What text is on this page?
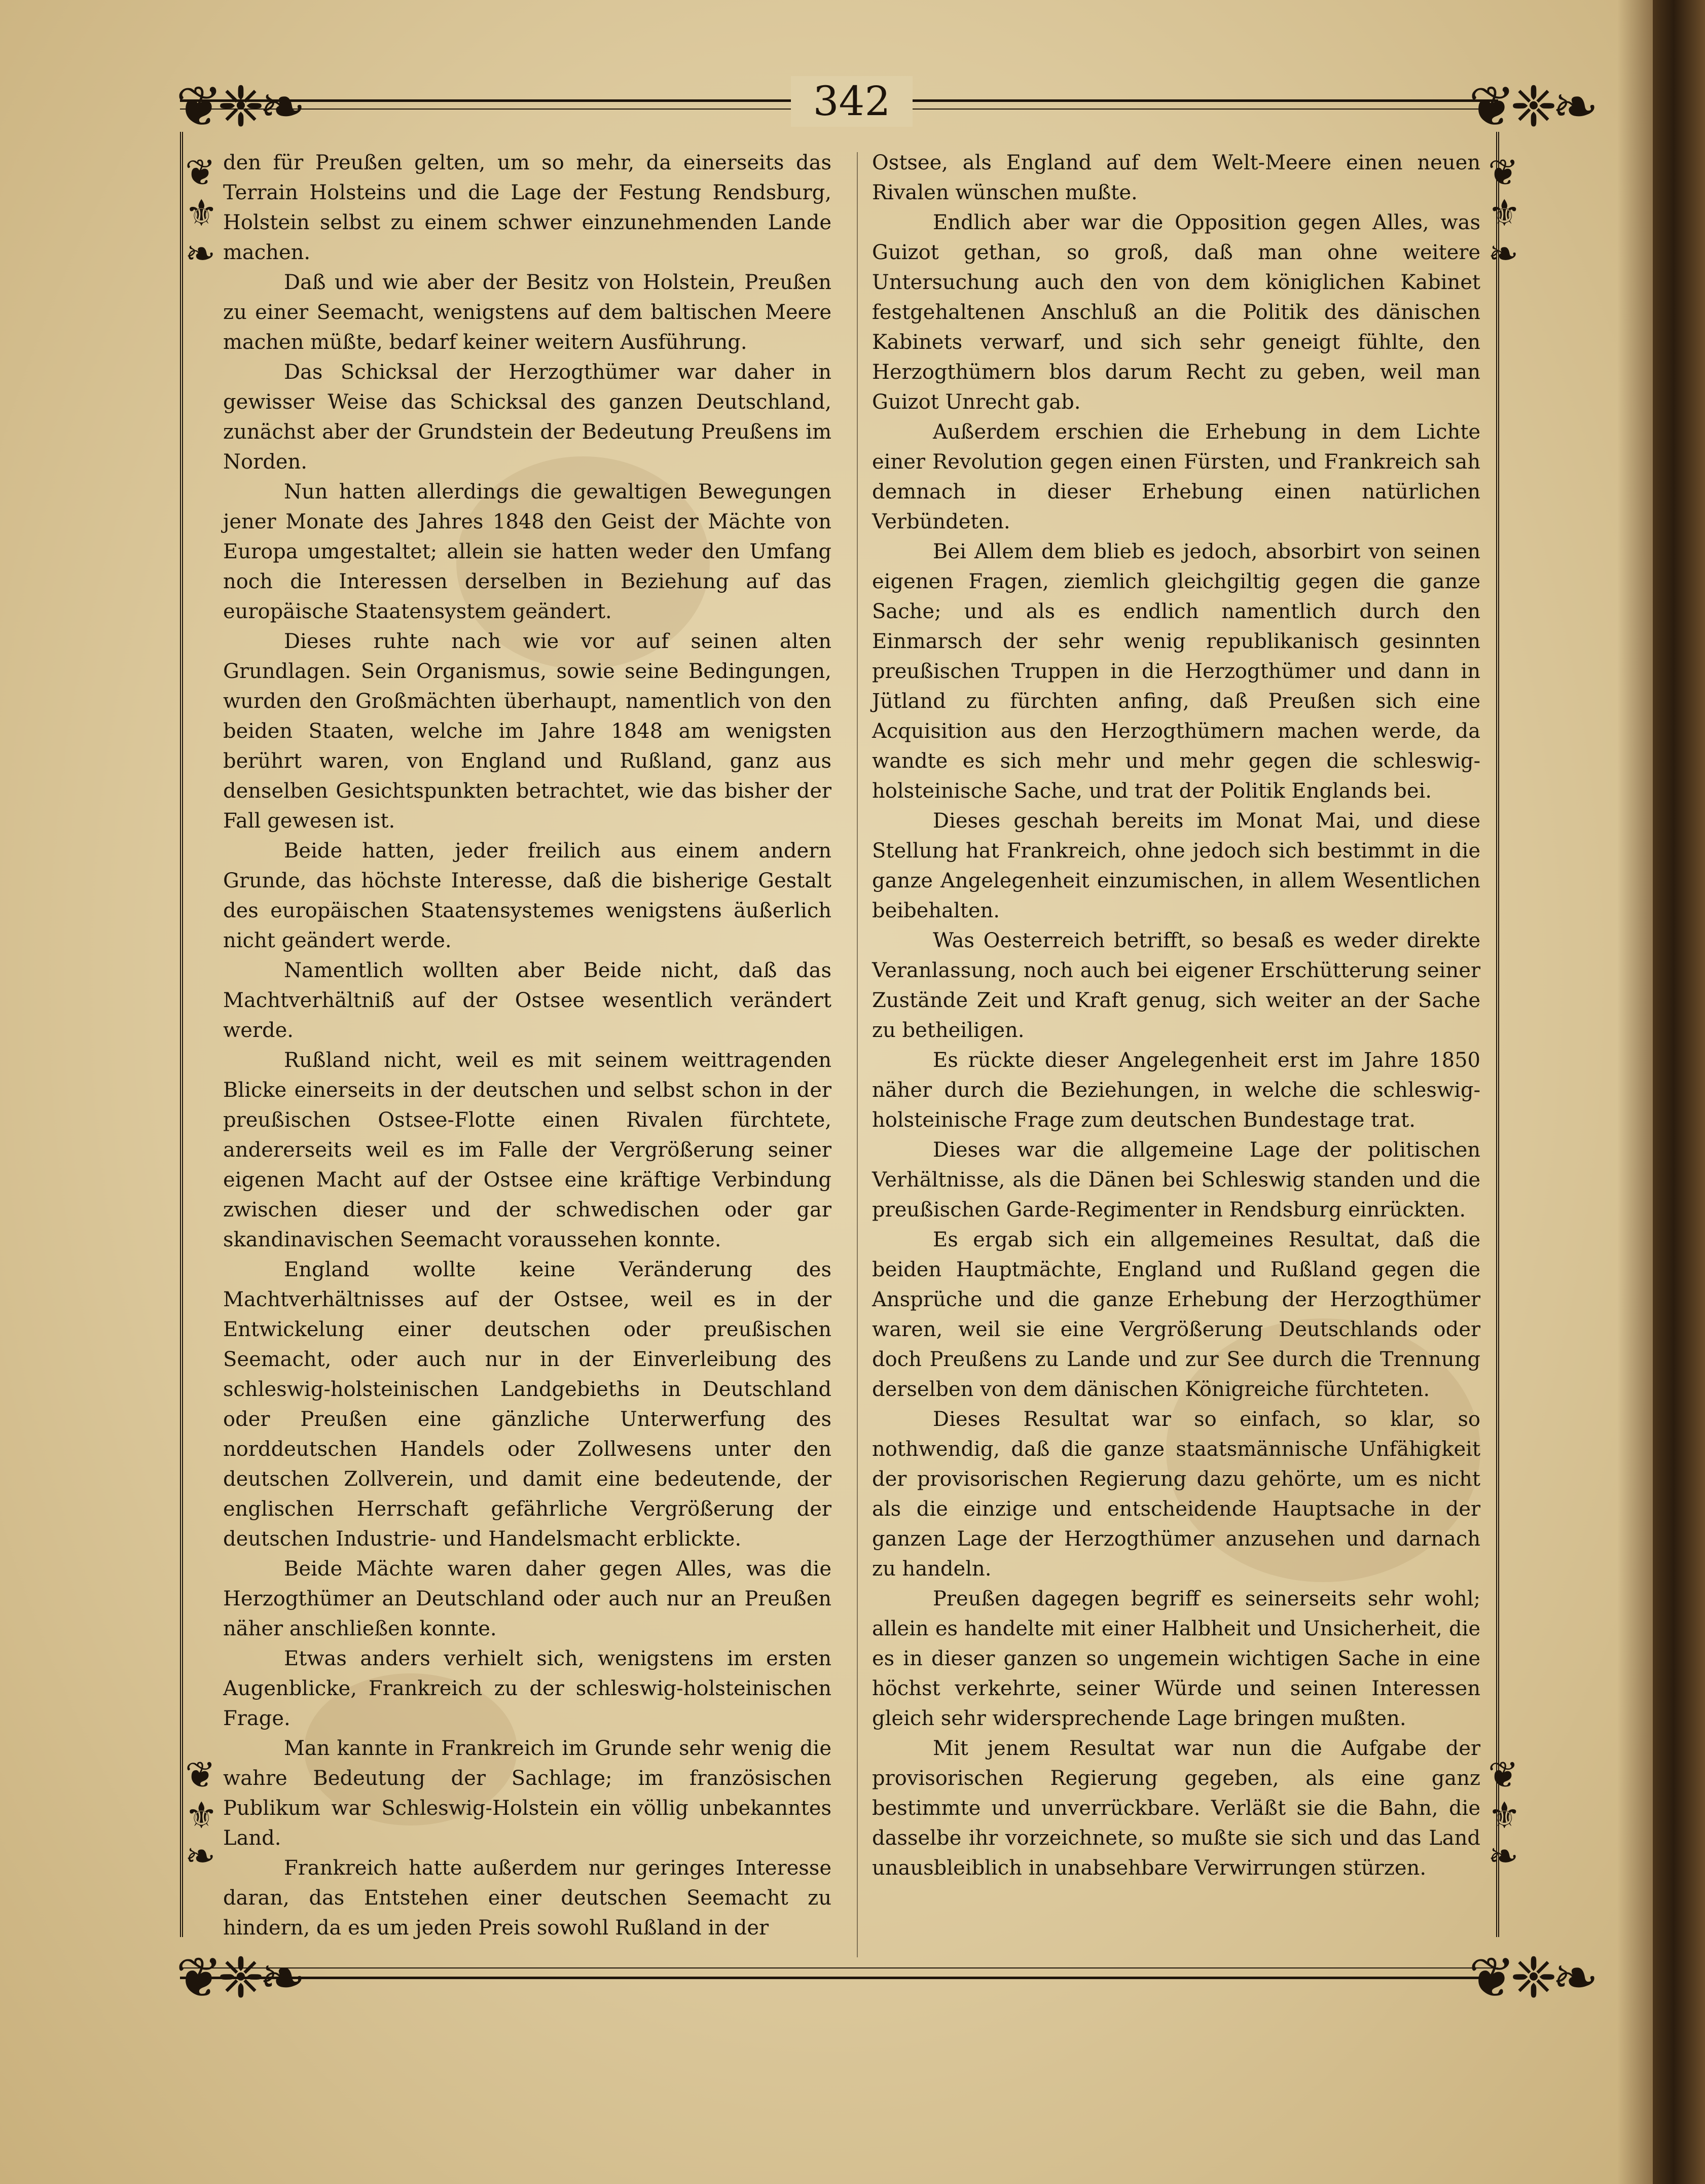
❦❈❧	❦❈❧
❦❈❧	❦❈❧
❦
⚜
❧
❦
⚜
❧
❦
⚜
❧
❦
⚜
❧
342

den für Preußen gelten, um so mehr, da einerseits das Terrain Holsteins und die Lage der Festung Rendsburg, Holstein selbst zu einem schwer einzunehmenden Lande machen.

Daß und wie aber der Besitz von Holstein, Preußen zu einer Seemacht, wenigstens auf dem baltischen Meere machen müßte, bedarf keiner weitern Ausführung.

Das Schicksal der Herzogthümer war daher in gewisser Weise das Schicksal des ganzen Deutschland, zunächst aber der Grundstein der Bedeutung Preußens im Norden.

Nun hatten allerdings die gewaltigen Bewegungen jener Monate des Jahres 1848 den Geist der Mächte von Europa umgestaltet; allein sie hatten weder den Umfang noch die Interessen derselben in Beziehung auf das europäische Staatensystem geändert.

Dieses ruhte nach wie vor auf seinen alten Grundlagen. Sein Organismus, sowie seine Bedingungen, wurden den Großmächten überhaupt, namentlich von den beiden Staaten, welche im Jahre 1848 am wenigsten berührt waren, von England und Rußland, ganz aus denselben Gesichtspunkten betrachtet, wie das bisher der Fall gewesen ist.

Beide hatten, jeder freilich aus einem andern Grunde, das höchste Interesse, daß die bisherige Gestalt des europäischen Staatensystemes wenigstens äußerlich nicht geändert werde.

Namentlich wollten aber Beide nicht, daß das Machtverhältniß auf der Ostsee wesentlich verändert werde.

Rußland nicht, weil es mit seinem weittragenden Blicke einerseits in der deutschen und selbst schon in der preußischen Ostsee-Flotte einen Rivalen fürchtete, andererseits weil es im Falle der Vergrößerung seiner eigenen Macht auf der Ostsee eine kräftige Verbindung zwischen dieser und der schwedischen oder gar skandinavischen Seemacht voraussehen konnte.

England wollte keine Veränderung des Machtverhältnisses auf der Ostsee, weil es in der Entwickelung einer deutschen oder preußischen Seemacht, oder auch nur in der Einverleibung des schleswig-holsteinischen Landgebieths in Deutschland oder Preußen eine gänzliche Unterwerfung des norddeutschen Handels oder Zollwesens unter den deutschen Zollverein, und damit eine bedeutende, der englischen Herrschaft gefährliche Vergrößerung der deutschen Industrie- und Handelsmacht erblickte.

Beide Mächte waren daher gegen Alles, was die Herzogthümer an Deutschland oder auch nur an Preußen näher anschließen konnte.

Etwas anders verhielt sich, wenigstens im ersten Augenblicke, Frankreich zu der schleswig-holsteinischen Frage.

Man kannte in Frankreich im Grunde sehr wenig die wahre Bedeutung der Sachlage; im französischen Publikum war Schleswig-Holstein ein völlig unbekanntes Land.

Frankreich hatte außerdem nur geringes Interesse daran, das Entstehen einer deutschen Seemacht zu hindern, da es um jeden Preis sowohl Rußland in der

Ostsee, als England auf dem Welt-Meere einen neuen Rivalen wünschen mußte.

Endlich aber war die Opposition gegen Alles, was Guizot gethan, so groß, daß man ohne weitere Untersuchung auch den von dem königlichen Kabinet festgehaltenen Anschluß an die Politik des dänischen Kabinets verwarf, und sich sehr geneigt fühlte, den Herzogthümern blos darum Recht zu geben, weil man Guizot Unrecht gab.

Außerdem erschien die Erhebung in dem Lichte einer Revolution gegen einen Fürsten, und Frankreich sah demnach in dieser Erhebung einen natürlichen Verbündeten.

Bei Allem dem blieb es jedoch, absorbirt von seinen eigenen Fragen, ziemlich gleichgiltig gegen die ganze Sache; und als es endlich namentlich durch den Einmarsch der sehr wenig republikanisch gesinnten preußischen Truppen in die Herzogthümer und dann in Jütland zu fürchten anfing, daß Preußen sich eine Acquisition aus den Herzogthümern machen werde, da wandte es sich mehr und mehr gegen die schleswig-holsteinische Sache, und trat der Politik Englands bei.

Dieses geschah bereits im Monat Mai, und diese Stellung hat Frankreich, ohne jedoch sich bestimmt in die ganze Angelegenheit einzumischen, in allem Wesentlichen beibehalten.

Was Oesterreich betrifft, so besaß es weder direkte Veranlassung, noch auch bei eigener Erschütterung seiner Zustände Zeit und Kraft genug, sich weiter an der Sache zu betheiligen.

Es rückte dieser Angelegenheit erst im Jahre 1850 näher durch die Beziehungen, in welche die schleswig-holsteinische Frage zum deutschen Bundestage trat.

Dieses war die allgemeine Lage der politischen Verhältnisse, als die Dänen bei Schleswig standen und die preußischen Garde-Regimenter in Rendsburg einrückten.

Es ergab sich ein allgemeines Resultat, daß die beiden Hauptmächte, England und Rußland gegen die Ansprüche und die ganze Erhebung der Herzogthümer waren, weil sie eine Vergrößerung Deutschlands oder doch Preußens zu Lande und zur See durch die Trennung derselben von dem dänischen Königreiche fürchteten.

Dieses Resultat war so einfach, so klar, so nothwendig, daß die ganze staatsmännische Unfähigkeit der provisorischen Regierung dazu gehörte, um es nicht als die einzige und entscheidende Hauptsache in der ganzen Lage der Herzogthümer anzusehen und darnach zu handeln.

Preußen dagegen begriff es seinerseits sehr wohl; allein es handelte mit einer Halbheit und Unsicherheit, die es in dieser ganzen so ungemein wichtigen Sache in eine höchst verkehrte, seiner Würde und seinen Interessen gleich sehr widersprechende Lage bringen mußten.

Mit jenem Resultat war nun die Aufgabe der provisorischen Regierung gegeben, als eine ganz bestimmte und unverrückbare. Verläßt sie die Bahn, die dasselbe ihr vorzeichnete, so mußte sie sich und das Land unausbleiblich in unabsehbare Verwirrungen stürzen.
